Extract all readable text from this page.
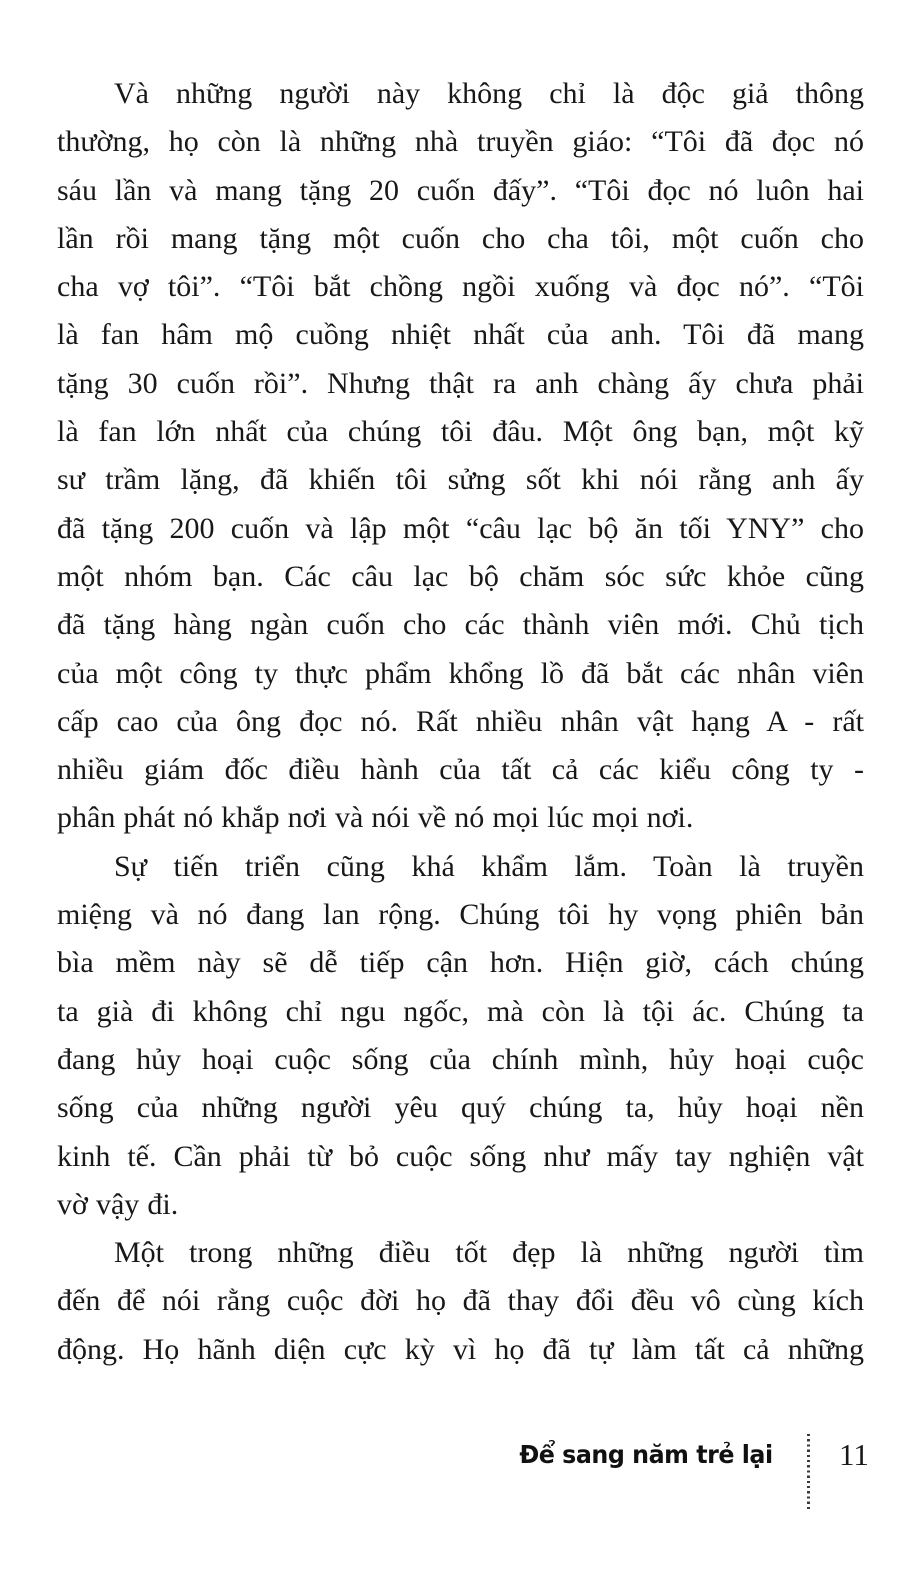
Và những người này không chỉ là độc giả thông
thường, họ còn là những nhà truyền giáo: “Tôi đã đọc nó
sáu lần và mang tặng 20 cuốn đấy”. “Tôi đọc nó luôn hai
lần rồi mang tặng một cuốn cho cha tôi, một cuốn cho
cha vợ tôi”. “Tôi bắt chồng ngồi xuống và đọc nó”. “Tôi
là fan hâm mộ cuồng nhiệt nhất của anh. Tôi đã mang
tặng 30 cuốn rồi”. Nhưng thật ra anh chàng ấy chưa phải
là fan lớn nhất của chúng tôi đâu. Một ông bạn, một kỹ
sư trầm lặng, đã khiến tôi sửng sốt khi nói rằng anh ấy
đã tặng 200 cuốn và lập một “câu lạc bộ ăn tối YNY” cho
một nhóm bạn. Các câu lạc bộ chăm sóc sức khỏe cũng
đã tặng hàng ngàn cuốn cho các thành viên mới. Chủ tịch
của một công ty thực phẩm khổng lồ đã bắt các nhân viên
cấp cao của ông đọc nó. Rất nhiều nhân vật hạng A - rất
nhiều giám đốc điều hành của tất cả các kiểu công ty -
phân phát nó khắp nơi và nói về nó mọi lúc mọi nơi.
Sự tiến triển cũng khá khẩm lắm. Toàn là truyền
miệng và nó đang lan rộng. Chúng tôi hy vọng phiên bản
bìa mềm này sẽ dễ tiếp cận hơn. Hiện giờ, cách chúng
ta già đi không chỉ ngu ngốc, mà còn là tội ác. Chúng ta
đang hủy hoại cuộc sống của chính mình, hủy hoại cuộc
sống của những người yêu quý chúng ta, hủy hoại nền
kinh tế. Cần phải từ bỏ cuộc sống như mấy tay nghiện vật
vờ vậy đi.
Một trong những điều tốt đẹp là những người tìm
đến để nói rằng cuộc đời họ đã thay đổi đều vô cùng kích
động. Họ hãnh diện cực kỳ vì họ đã tự làm tất cả những
Để sang năm trẻ lại 11
